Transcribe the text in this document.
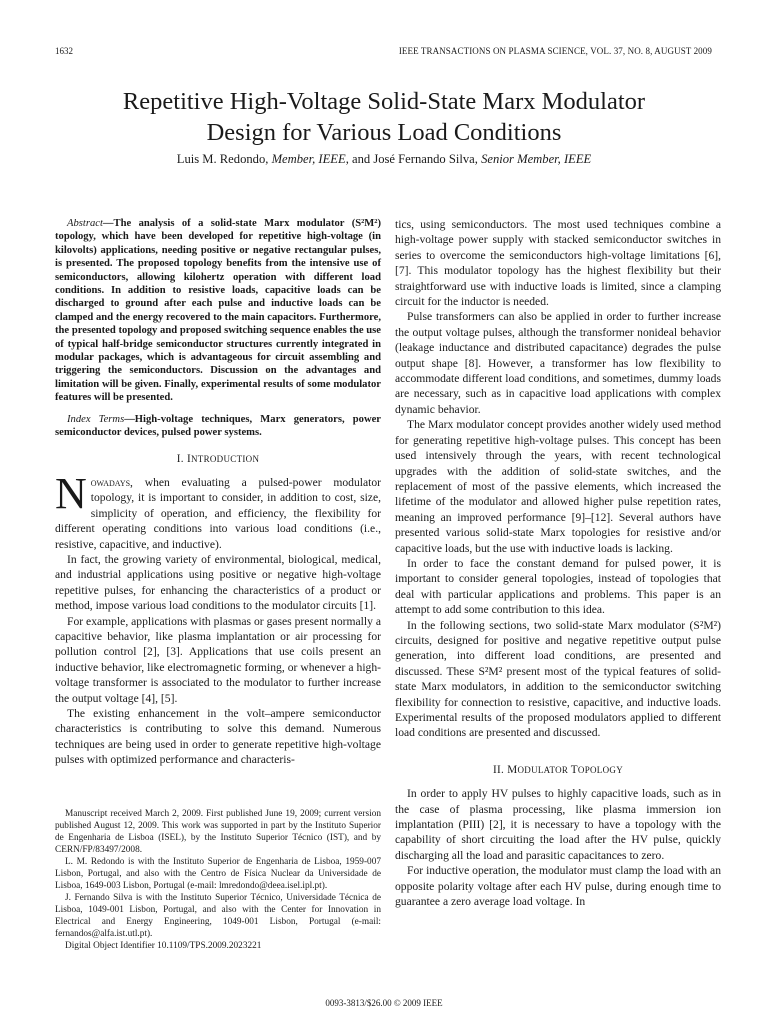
1632	IEEE TRANSACTIONS ON PLASMA SCIENCE, VOL. 37, NO. 8, AUGUST 2009
Repetitive High-Voltage Solid-State Marx Modulator
Design for Various Load Conditions
Luis M. Redondo, Member, IEEE, and José Fernando Silva, Senior Member, IEEE

Abstract—The analysis of a solid-state Marx modulator (S²M²) topology, which have been developed for repetitive high-voltage (in kilovolts) applications, needing positive or negative rectangular pulses, is presented. The proposed topology benefits from the intensive use of semiconductors, allowing kilohertz operation with different load conditions. In addition to resistive loads, capacitive loads can be discharged to ground after each pulse and inductive loads can be clamped and the energy recovered to the main capacitors. Furthermore, the presented topology and proposed switching sequence enables the use of typical half-bridge semiconductor structures currently integrated in modular packages, which is advantageous for circuit assembling and triggering the semiconductors. Discussion on the advantages and limitation will be given. Finally, experimental results of some modulator features will be presented.

Index Terms—High-voltage techniques, Marx generators, power semiconductor devices, pulsed power systems.

I. INTRODUCTION

Nowadays, when evaluating a pulsed-power modulator topology, it is important to consider, in addition to cost, size, simplicity of operation, and efficiency, the flexibility for different operating conditions into various load conditions (i.e., resistive, capacitive, and inductive).

In fact, the growing variety of environmental, biological, medical, and industrial applications using positive or negative high-voltage repetitive pulses, for enhancing the characteristics of a product or method, impose various load conditions to the modulator circuits [1].

For example, applications with plasmas or gases present normally a capacitive behavior, like plasma implantation or air processing for pollution control [2], [3]. Applications that use coils present an inductive behavior, like electromagnetic forming, or whenever a high-voltage transformer is associated to the modulator to further increase the output voltage [4], [5].

The existing enhancement in the volt–ampere semiconductor characteristics is contributing to solve this demand. Numerous techniques are being used in order to generate repetitive high-voltage pulses with optimized performance and characteris-

Manuscript received March 2, 2009. First published June 19, 2009; current version published August 12, 2009. This work was supported in part by the Instituto Superior de Engenharia de Lisboa (ISEL), by the Instituto Superior Técnico (IST), and by CERN/FP/83497/2008.

L. M. Redondo is with the Instituto Superior de Engenharia de Lisboa, 1959-007 Lisbon, Portugal, and also with the Centro de Física Nuclear da Universidade de Lisboa, 1649-003 Lisbon, Portugal (e-mail: lmredondo@deea.isel.ipl.pt).

J. Fernando Silva is with the Instituto Superior Técnico, Universidade Técnica de Lisboa, 1049-001 Lisbon, Portugal, and also with the Center for Innovation in Electrical and Energy Engineering, 1049-001 Lisbon, Portugal (e-mail: fernandos@alfa.ist.utl.pt).

Digital Object Identifier 10.1109/TPS.2009.2023221

tics, using semiconductors. The most used techniques combine a high-voltage power supply with stacked semiconductor switches in series to overcome the semiconductors high-voltage limitations [6], [7]. This modulator topology has the highest flexibility but their straightforward use with inductive loads is limited, since a clamping circuit for the inductor is needed.

Pulse transformers can also be applied in order to further increase the output voltage pulses, although the transformer nonideal behavior (leakage inductance and distributed capacitance) degrades the pulse output shape [8]. However, a transformer has low flexibility to accommodate different load conditions, and sometimes, dummy loads are necessary, such as in capacitive load applications with complex dynamic behavior.

The Marx modulator concept provides another widely used method for generating repetitive high-voltage pulses. This concept has been used intensively through the years, with recent technological upgrades with the addition of solid-state switches, and the replacement of most of the passive elements, which increased the lifetime of the modulator and allowed higher pulse repetition rates, meaning an improved performance [9]–[12]. Several authors have presented various solid-state Marx topologies for resistive and/or capacitive loads, but the use with inductive loads is lacking.

In order to face the constant demand for pulsed power, it is important to consider general topologies, instead of topologies that deal with particular applications and problems. This paper is an attempt to add some contribution to this idea.

In the following sections, two solid-state Marx modulator (S²M²) circuits, designed for positive and negative repetitive output pulse generation, into different load conditions, are presented and discussed. These S²M² present most of the typical features of solid-state Marx modulators, in addition to the semiconductor switching flexibility for connection to resistive, capacitive, and inductive loads. Experimental results of the proposed modulators applied to different load conditions are presented and discussed.

II. MODULATOR TOPOLOGY

In order to apply HV pulses to highly capacitive loads, such as in the case of plasma processing, like plasma immersion ion implantation (PIII) [2], it is necessary to have a topology with the capability of short circuiting the load after the HV pulse, quickly discharging all the load and parasitic capacitances to zero.

For inductive operation, the modulator must clamp the load with an opposite polarity voltage after each HV pulse, during enough time to guarantee a zero average load voltage. In

0093-3813/$26.00 © 2009 IEEE
